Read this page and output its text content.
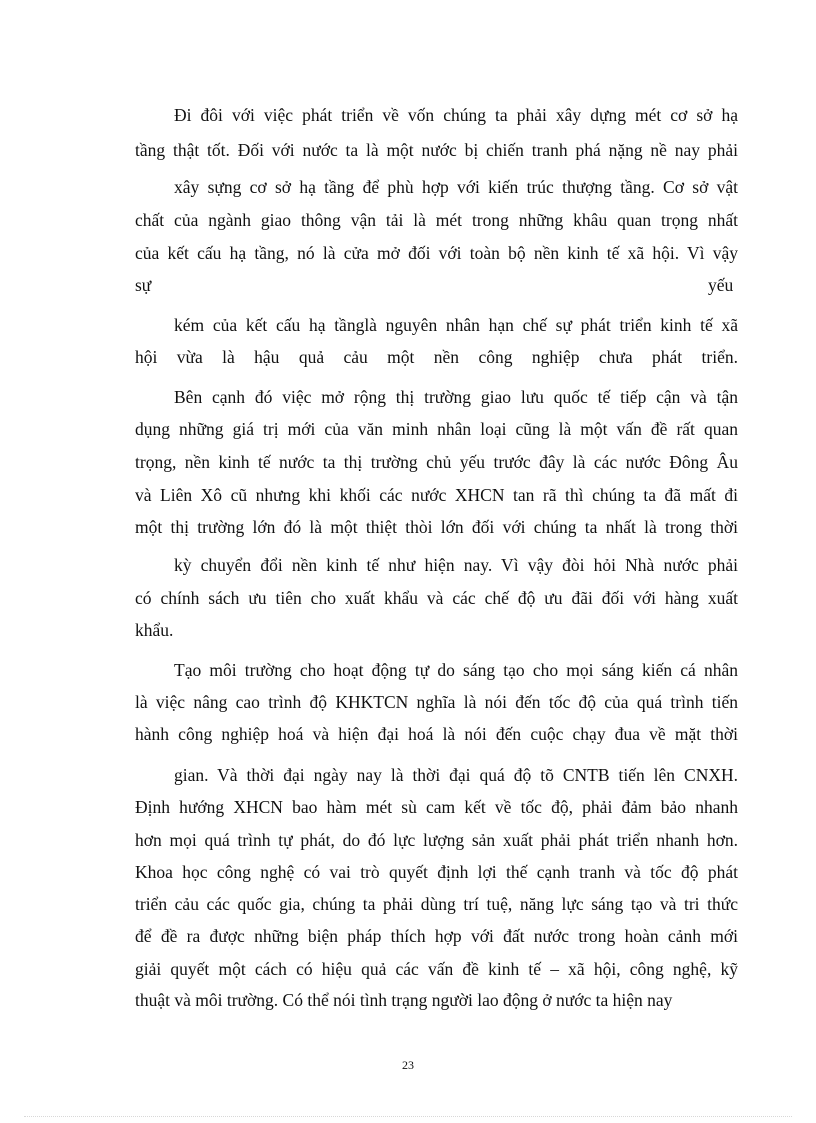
Đi đôi với việc phát triển về vốn chúng ta phải xây dựng mét cơ sở hạ
tầng thật tốt. Đối với nước ta là một nước bị chiến tranh phá nặng nề nay phải
xây sựng cơ sở hạ tầng để phù hợp với kiến trúc thượng tầng. Cơ sở vật
chất của ngành giao thông vận tải là mét trong những khâu quan trọng nhất
của kết cấu hạ tầng, nó là cửa mở đối với toàn bộ nền kinh tế xã hội. Vì vậy
sự	yếu
kém của kết cấu hạ tầnglà nguyên nhân hạn chế sự phát triển kinh tế xã
hội vừa là hậu quả cảu một nền công nghiệp chưa phát triển.
Bên cạnh đó việc mở rộng thị trường giao lưu quốc tế tiếp cận và tận
dụng những giá trị mới của văn minh nhân loại cũng là một vấn đề rất quan
trọng, nền kinh tế nước ta thị trường chủ yếu trước đây là các nước Đông Âu
và Liên Xô cũ nhưng khi khối các nước XHCN tan rã thì chúng ta đã mất đi
một thị trường lớn đó là một thiệt thòi lớn đối với chúng ta nhất là trong thời
kỳ chuyển đổi nền kinh tế như hiện nay. Vì vậy đòi hỏi Nhà nước phải
có chính sách ưu tiên cho xuất khẩu và các chế độ ưu đãi đối với hàng xuất
khẩu.
Tạo môi trường cho hoạt động tự do sáng tạo cho mọi sáng kiến cá nhân
là việc nâng cao trình độ KHKTCN nghĩa là nói đến tốc độ của quá trình tiến
hành công nghiệp hoá và hiện đại hoá là nói đến cuộc chạy đua về mặt thời
gian. Và thời đại ngày nay là thời đại quá độ tõ CNTB tiến lên CNXH.
Định hướng XHCN bao hàm mét sù cam kết về tốc độ, phải đảm bảo nhanh
hơn mọi quá trình tự phát, do đó lực lượng sản xuất phải phát triển nhanh hơn.
Khoa học công nghệ có vai trò quyết định lợi thế cạnh tranh và tốc độ phát
triển cảu các quốc gia, chúng ta phải dùng trí tuệ, năng lực sáng tạo và tri thức
để đề ra được những biện pháp thích hợp với đất nước trong hoàn cảnh mới
giải quyết một cách có hiệu quả các vấn đề kinh tế – xã hội, công nghệ, kỹ
thuật và môi trường. Có thể nói tình trạng người lao động ở nước ta hiện nay
23
